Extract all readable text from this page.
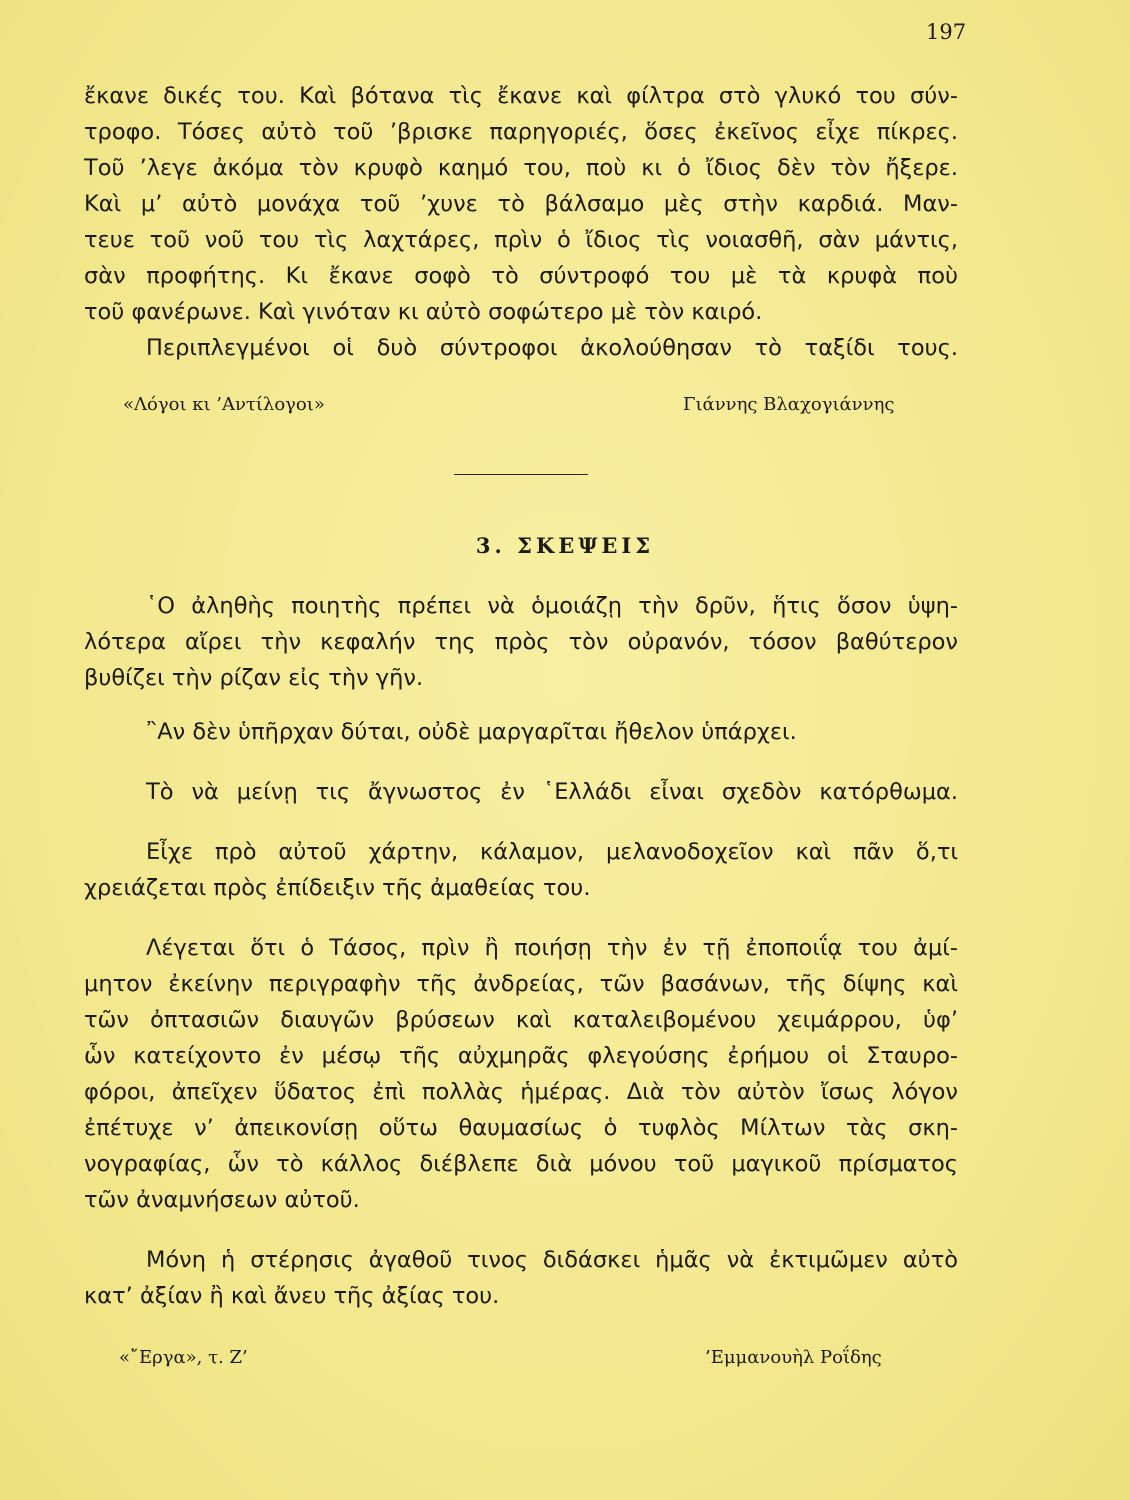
197
ἔκανε δικές του. Καὶ βότανα τὶς ἔκανε καὶ φίλτρα στὸ γλυκό του σύν-
τροφο. Τόσες αὐτὸ τοῦ ’βρισκε παρηγοριές, ὅσες ἐκεῖνος εἶχε πίκρες.
Τοῦ ’λεγε ἀκόμα τὸν κρυφὸ καημό του, ποὺ κι ὁ ἴδιος δὲν τὸν ἤξερε.
Καὶ μ’ αὐτὸ μονάχα τοῦ ’χυνε τὸ βάλσαμο μὲς στὴν καρδιά. Μαν-
τευε τοῦ νοῦ του τὶς λαχτάρες, πρὶν ὁ ἴδιος τὶς νοιασθῆ, σὰν μάντις,
σὰν προφήτης. Κι ἔκανε σοφὸ τὸ σύντροφό του μὲ τὰ κρυφὰ ποὺ
τοῦ φανέρωνε. Καὶ γινόταν κι αὐτὸ σοφώτερο μὲ τὸν καιρό.
Περιπλεγμένοι οἱ δυὸ σύντροφοι ἀκολούθησαν τὸ ταξίδι τους.
«Λόγοι κι ’Αντίλογοι»	Γιάννης Βλαχογιάννης
3. ΣΚΕΨΕΙΣ
῾Ο ἀληθὴς ποιητὴς πρέπει νὰ ὁμοιάζῃ τὴν δρῦν, ἥτις ὅσον ὑψη-
λότερα αἴρει τὴν κεφαλήν της πρὸς τὸν οὐρανόν, τόσον βαθύτερον
βυθίζει τὴν ρίζαν εἰς τὴν γῆν.
῍Αν δὲν ὑπῆρχαν δύται, οὐδὲ μαργαρῖται ἤθελον ὑπάρχει.
Τὸ νὰ μείνῃ τις ἄγνωστος ἐν ῾Ελλάδι εἶναι σχεδὸν κατόρθωμα.
Εἶχε πρὸ αὐτοῦ χάρτην, κάλαμον, μελανοδοχεῖον καὶ πᾶν ὅ,τι
χρειάζεται πρὸς ἐπίδειξιν τῆς ἀμαθείας του.
Λέγεται ὅτι ὁ Τάσος, πρὶν ἢ ποιήσῃ τὴν ἐν τῇ ἐποποιΐᾳ του ἀμί-
μητον ἐκείνην περιγραφὴν τῆς ἀνδρείας, τῶν βασάνων, τῆς δίψης καὶ
τῶν ὀπτασιῶν διαυγῶν βρύσεων καὶ καταλειβομένου χειμάρρου, ὑφ’
ὧν κατείχοντο ἐν μέσῳ τῆς αὐχμηρᾶς φλεγούσης ἐρήμου οἱ Σταυρο-
φόροι, ἀπεῖχεν ὕδατος ἐπὶ πολλὰς ἡμέρας. Διὰ τὸν αὐτὸν ἴσως λόγον
ἐπέτυχε ν’ ἀπεικονίσῃ οὕτω θαυμασίως ὁ τυφλὸς Μίλτων τὰς σκη-
νογραφίας, ὧν τὸ κάλλος διέβλεπε διὰ μόνου τοῦ μαγικοῦ πρίσματος
τῶν ἀναμνήσεων αὐτοῦ.
Μόνη ἡ στέρησις ἀγαθοῦ τινος διδάσκει ἡμᾶς νὰ ἐκτιμῶμεν αὐτὸ
κατ’ ἀξίαν ἢ καὶ ἄνευ τῆς ἀξίας του.
«῎Εργα», τ. Ζ’	’Εμμανουὴλ Ροΐδης
